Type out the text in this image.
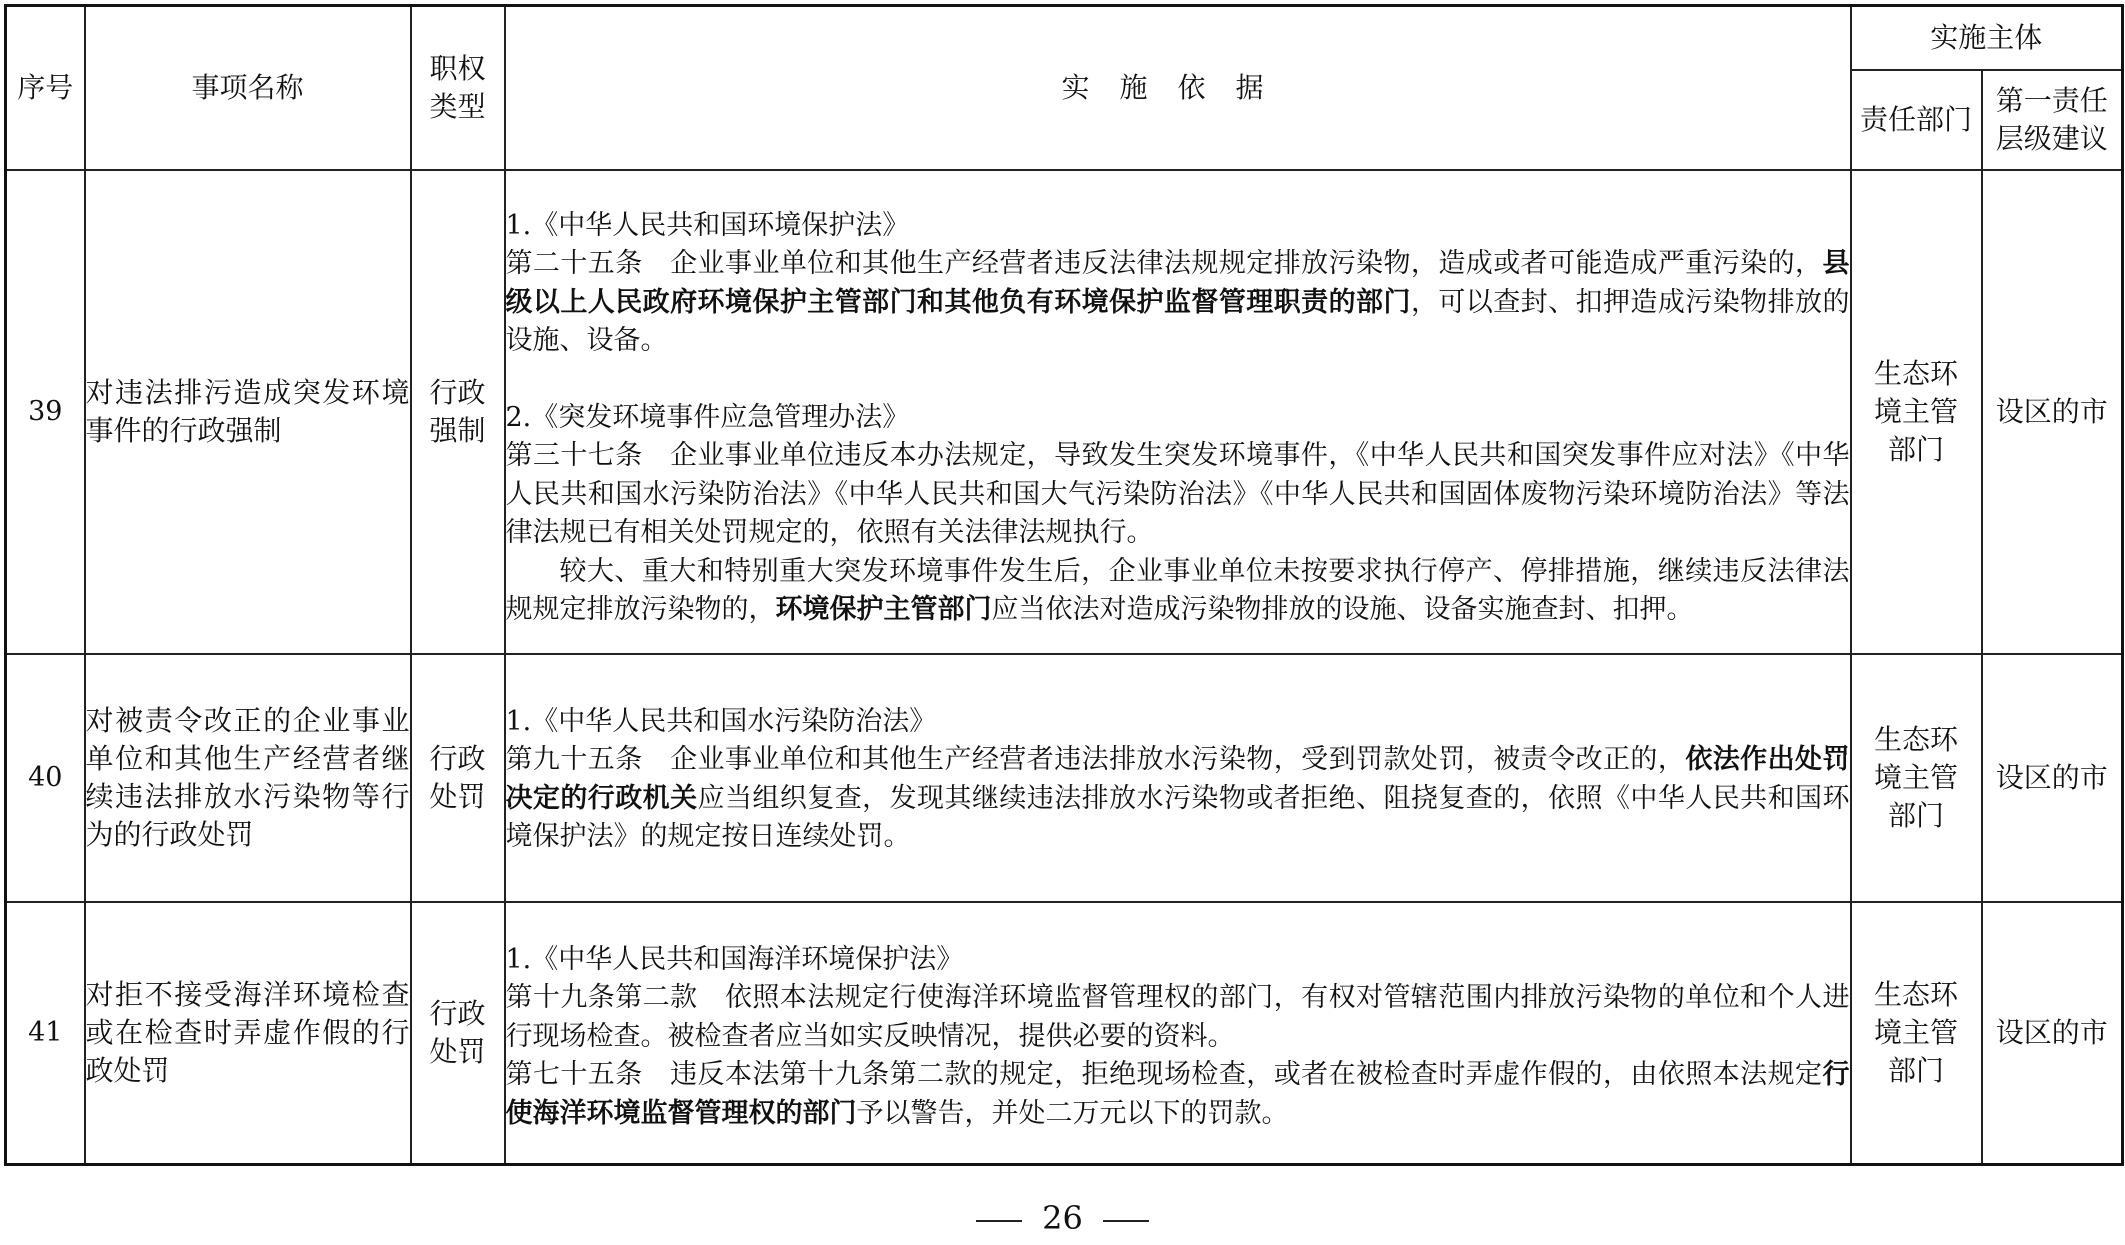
序号	事项名称	职权类型	实施依据	实施主体	
				责任部门	第一责任层级建议
39	对违法排污造成突发环境事件的行政强制	行政强制	1.《中华人民共和国环境保护法》
第二十五条　企业事业单位和其他生产经营者违反法律法规规定排放污染物，造成或者可能造成严重污染的，县级以上人民政府环境保护主管部门和其他负有环境保护监督管理职责的部门，可以查封、扣押造成污染物排放的设施、设备。
2.《突发环境事件应急管理办法》
第三十七条　企业事业单位违反本办法规定，导致发生突发环境事件，《中华人民共和国突发事件应对法》《中华人民共和国水污染防治法》《中华人民共和国大气污染防治法》《中华人民共和国固体废物污染环境防治法》等法律法规已有相关处罚规定的，依照有关法律法规执行。
较大、重大和特别重大突发环境事件发生后，企业事业单位未按要求执行停产、停排措施，继续违反法律法规规定排放污染物的，环境保护主管部门应当依法对造成污染物排放的设施、设备实施查封、扣押。	生态环境主管部门	设区的市
40	对被责令改正的企业事业单位和其他生产经营者继续违法排放水污染物等行为的行政处罚	行政处罚	1.《中华人民共和国水污染防治法》
第九十五条　企业事业单位和其他生产经营者违法排放水污染物，受到罚款处罚，被责令改正的，依法作出处罚决定的行政机关应当组织复查，发现其继续违法排放水污染物或者拒绝、阻挠复查的，依照《中华人民共和国环境保护法》的规定按日连续处罚。	生态环境主管部门	设区的市
41	对拒不接受海洋环境检查或在检查时弄虚作假的行政处罚	行政处罚	1.《中华人民共和国海洋环境保护法》
第十九条第二款　依照本法规定行使海洋环境监督管理权的部门，有权对管辖范围内排放污染物的单位和个人进行现场检查。被检查者应当如实反映情况，提供必要的资料。
第七十五条　违反本法第十九条第二款的规定，拒绝现场检查，或者在被检查时弄虚作假的，由依照本法规定行使海洋环境监督管理权的部门予以警告，并处二万元以下的罚款。	生态环境主管部门	设区的市
26
